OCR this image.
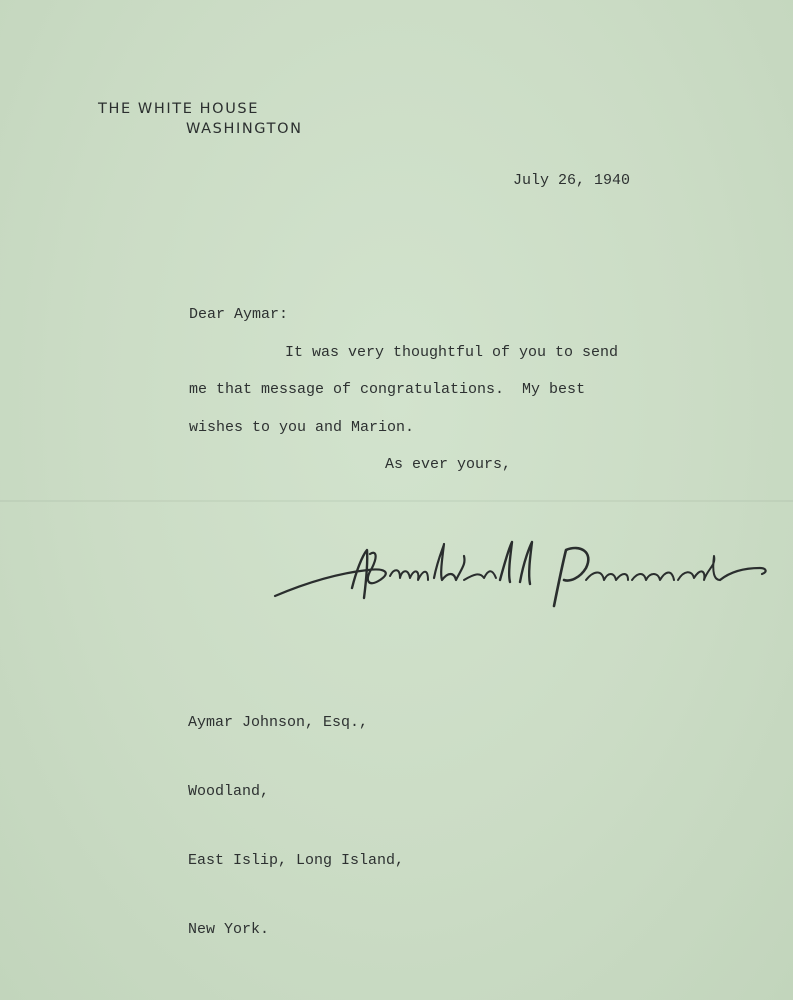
THE WHITE HOUSE
WASHINGTON
July 26, 1940
Dear Aymar:
It was very thoughtful of you to send
me that message of congratulations.  My best
wishes to you and Marion.
As ever yours,

Aymar Johnson, Esq.,

Woodland,

East Islip, Long Island,

New York.
